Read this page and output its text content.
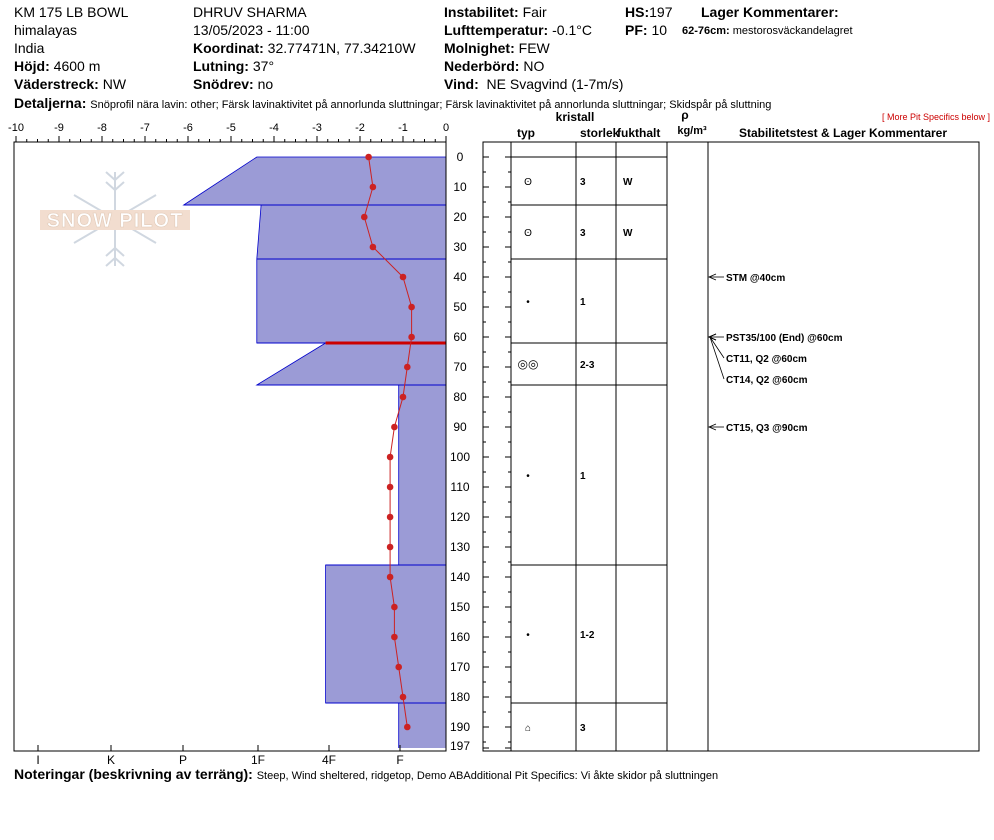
KM 175 LB BOWL
himalayas
India
Höjd: 4600 m
Väderstreck: NW
DHRUV SHARMA
13/05/2023 - 11:00
Koordinat: 32.77471N, 77.34210W
Lutning: 37°
Snödrev: no
Instabilitet: Fair
Lufttemperatur: -0.1°C
Molnighet: FEW
Nederbörd: NO
Vind: NE Svagvind (1-7m/s)
HS:197
PF: 10
Lager Kommentarer:
62-76cm: mestorosväckandelagret
Detaljerna: Snöprofil nära lavin: other; Färsk lavinaktivitet på annorlunda sluttningar; Färsk lavinaktivitet på annorlunda sluttningar; Skidspår på sluttning
Noteringar (beskrivning av terräng): Steep, Wind sheltered, ridgetop, Demo ABAdditional Pit Specifics: Vi åkte skidor på sluttningen
SNOW PILOT
-10	-9	-8	-7	-6	-5	-4	-3	-2	-1	0
I	K	P	1F	4F	F
0
10
20
30
40
50
60
70
80
90
100
110
120
130
140
150
160
170
180
190
197
kristall
typ	storlek
fukthalt
ρ
kg/m³	Stabilitetstest & Lager Kommentarer
[ More Pit Specifics below ]
ʘ	3	W
ʘ	3	W
•	1
◎◎	2-3
•	1
•	1-2
⌂	3
STM @40cm
PST35/100 (End) @60cm
CT11, Q2 @60cm
CT14, Q2 @60cm
CT15, Q3 @90cm
